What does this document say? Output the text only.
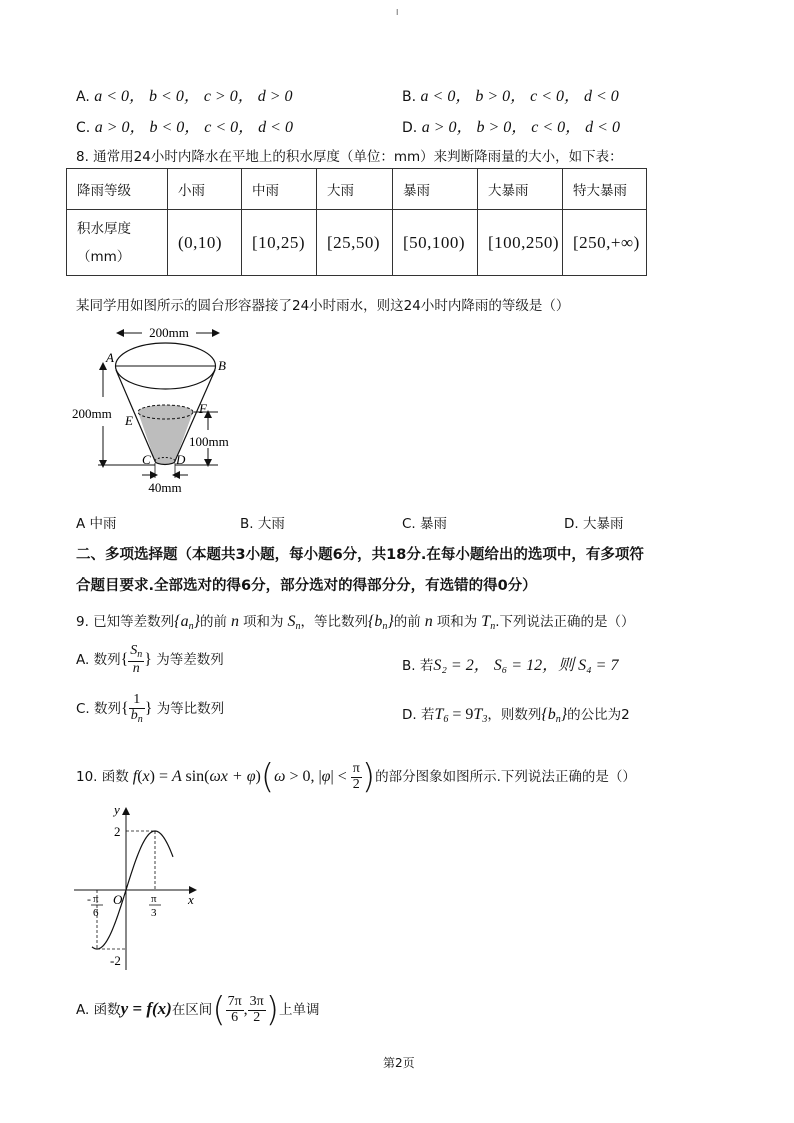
I
A. a < 0， b < 0， c > 0， d > 0	B. a < 0， b > 0， c < 0， d < 0
C. a > 0， b < 0， c < 0， d < 0	D. a > 0， b > 0， c < 0， d < 0
8. 通常用24小时内降水在平地上的积水厚度（单位：mm）来判断降雨量的大小，如下表：
降雨等级	小雨	中雨	大雨	暴雨	大暴雨	特大暴雨

积水厚度
（mm）	(0,10)	[10,25)	[25,50)	[50,100)	[100,250)	[250,+∞)
某同学用如图所示的圆台形容器接了24小时雨水，则这24小时内降雨的等级是（）
200mm
200mm
100mm
40mm
A
B
E
F
C D
A 中雨	B. 大雨	C. 暴雨	D. 大暴雨
二、多项选择题（本题共3小题，每小题6分，共18分.在每小题给出的选项中，有多项符
合题目要求.全部选对的得6分，部分选对的得部分分，有选错的得0分）
9. 已知等差数列$\{a_n\}$的前 n 项和为 $S_n$，等比数列$\{b_n\}$的前 n 项和为 $T_n$.下列说法正确的是（）
A. 数列{ $\frac{S_n}{n}$ } 为等差数列	B. 若S₂ = 2， S₆ = 12，则 S₄ = 7
C. 数列{ $\frac{1}{b_n}$ } 为等比数列	D. 若$T_6 = 9T_3$，则数列$\{b_n\}$的公比为2
10. 函数 f(x) = A sin(ωx + φ)(ω > 0, $|\varphi| < \frac{\pi}{2}$ )的部分图象如图所示.下列说法正确的是（）
y
x
O
2
-2
- π
6
π
3
A. 函数y = f(x)在区间( $\frac{7\pi}{6}$ , $\frac{3\pi}{2}$ )上单调
第2页
